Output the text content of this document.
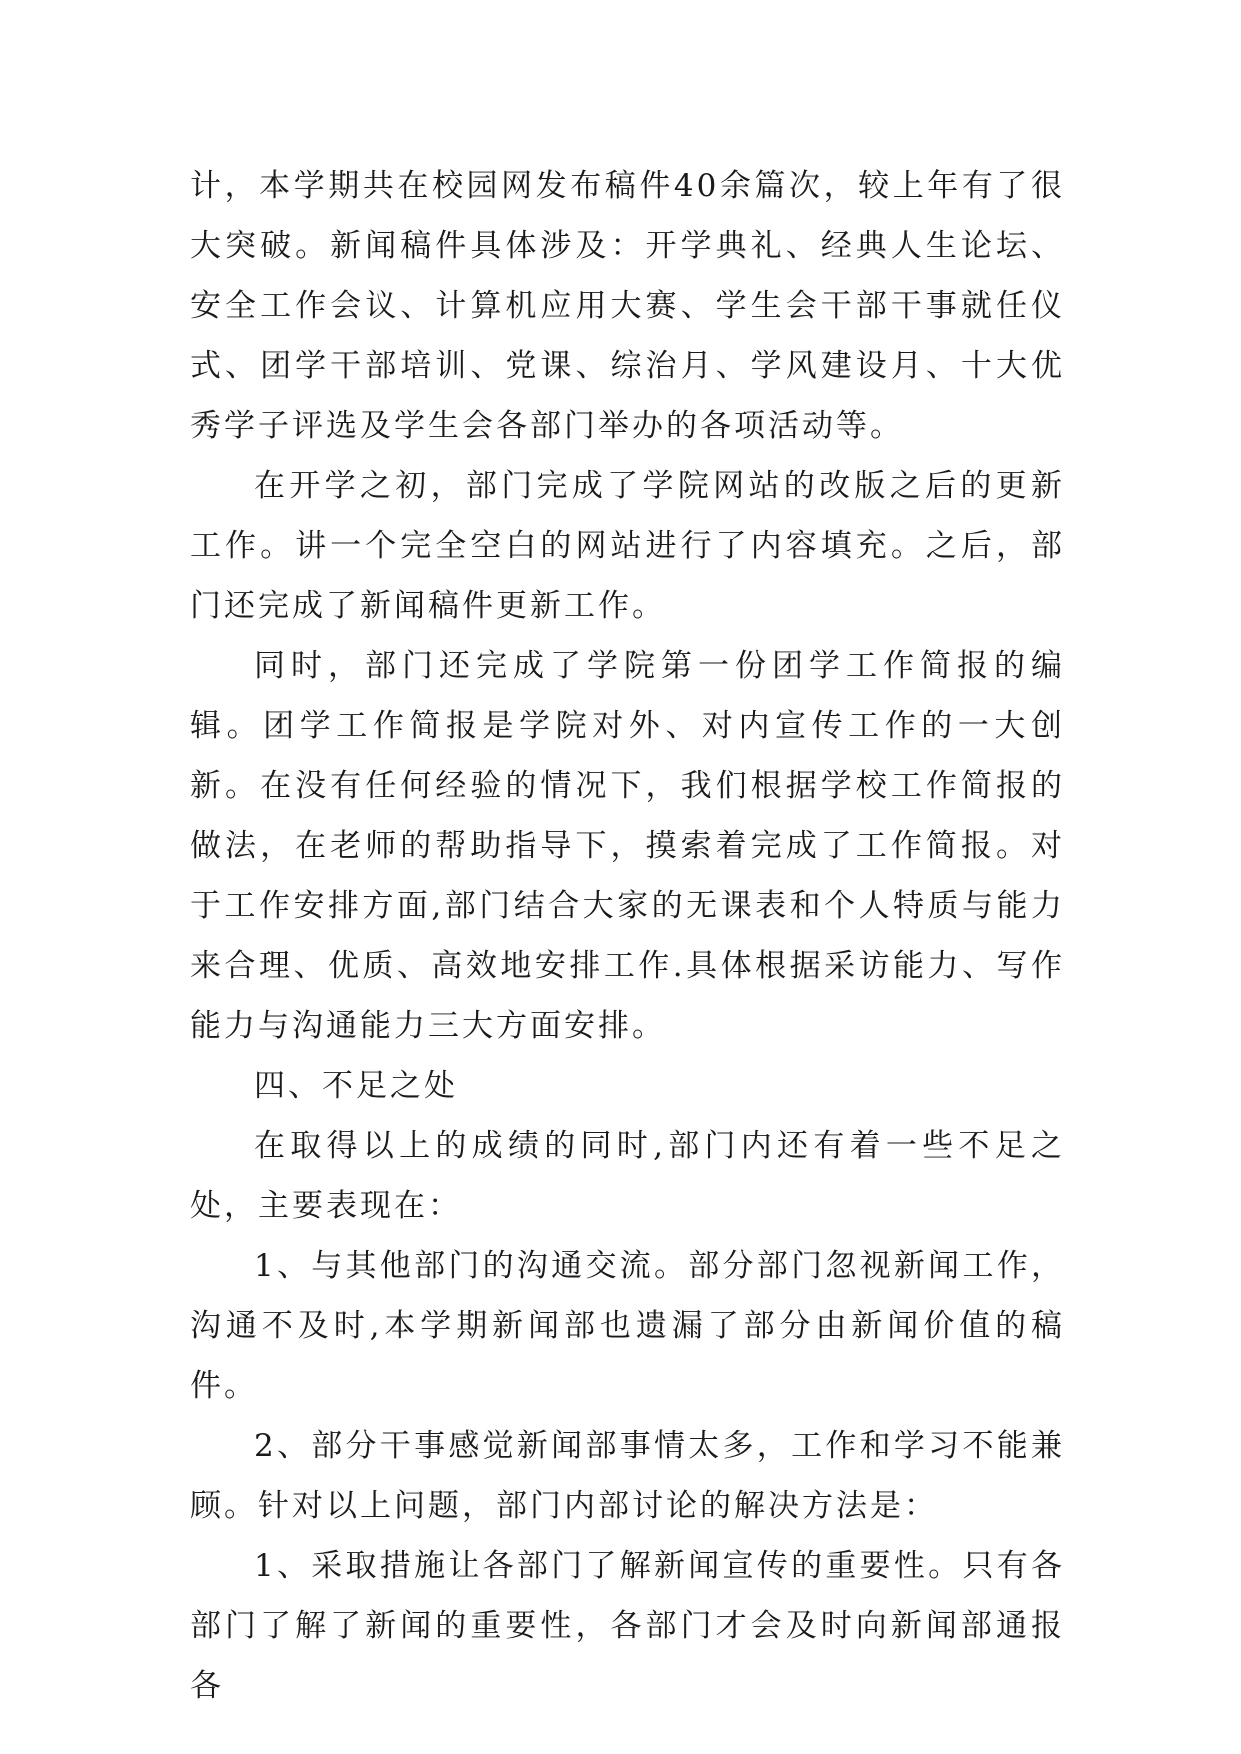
计，本学期共在校园网发布稿件40余篇次，较上年有了很大突破。新闻稿件具体涉及：开学典礼、经典人生论坛、安全工作会议、计算机应用大赛、学生会干部干事就任仪式、团学干部培训、党课、综治月、学风建设月、十大优秀学子评选及学生会各部门举办的各项活动等。

在开学之初，部门完成了学院网站的改版之后的更新工作。讲一个完全空白的网站进行了内容填充。之后，部门还完成了新闻稿件更新工作。

同时，部门还完成了学院第一份团学工作简报的编辑。团学工作简报是学院对外、对内宣传工作的一大创新。在没有任何经验的情况下，我们根据学校工作简报的做法，在老师的帮助指导下，摸索着完成了工作简报。对于工作安排方面,部门结合大家的无课表和个人特质与能力来合理、优质、高效地安排工作.具体根据采访能力、写作能力与沟通能力三大方面安排。

四、不足之处

在取得以上的成绩的同时,部门内还有着一些不足之处，主要表现在：

1、与其他部门的沟通交流。部分部门忽视新闻工作，沟通不及时,本学期新闻部也遗漏了部分由新闻价值的稿件。

2、部分干事感觉新闻部事情太多，工作和学习不能兼顾。针对以上问题，部门内部讨论的解决方法是：

1、采取措施让各部门了解新闻宣传的重要性。只有各部门了解了新闻的重要性，各部门才会及时向新闻部通报各
